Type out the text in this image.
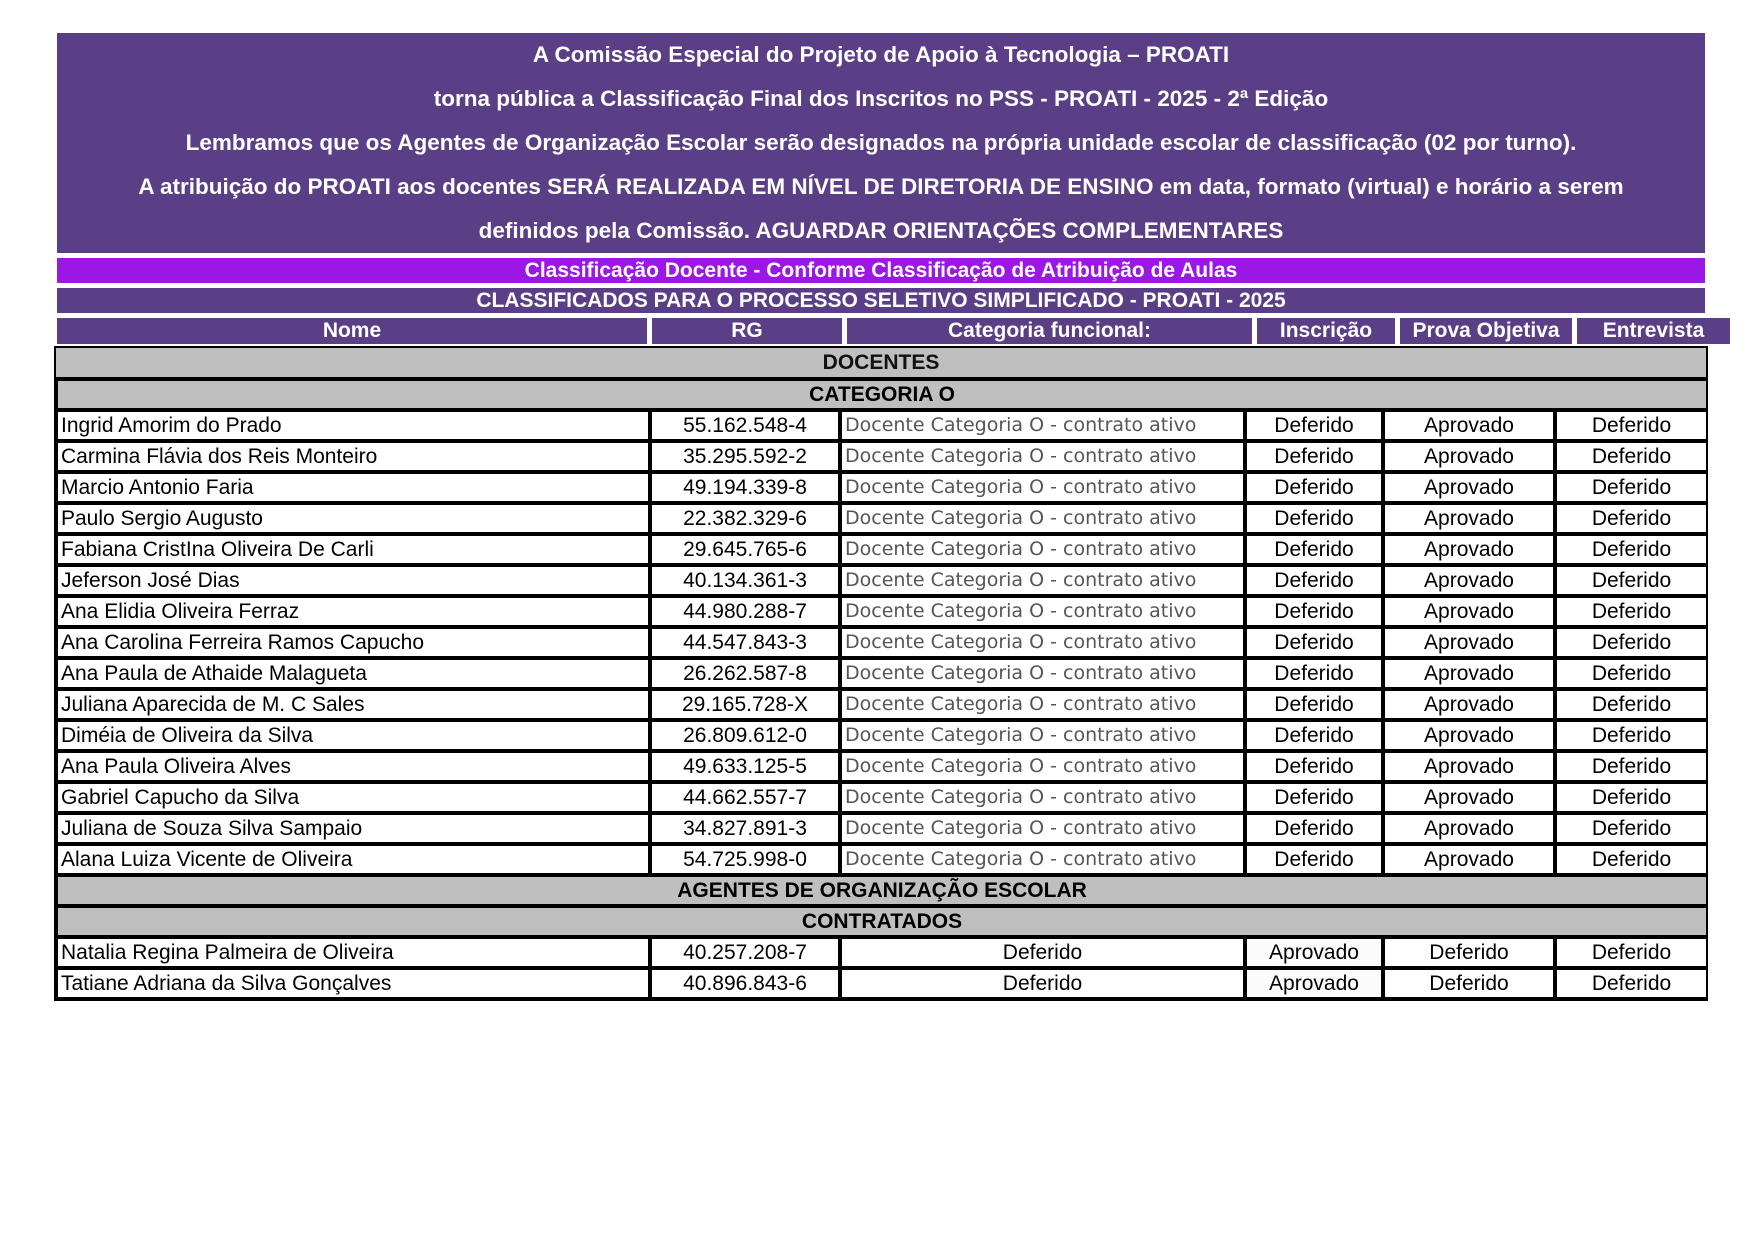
A Comissão Especial do Projeto de Apoio à Tecnologia – PROATI
torna pública a Classificação Final dos Inscritos no PSS - PROATI - 2025 - 2ª Edição
Lembramos que os Agentes de Organização Escolar serão designados na própria unidade escolar de classificação (02 por turno).
A atribuição do PROATI aos docentes SERÁ REALIZADA EM NÍVEL DE DIRETORIA DE ENSINO em data, formato (virtual) e horário a serem
definidos pela Comissão. AGUARDAR ORIENTAÇÕES COMPLEMENTARES
Classificação Docente - Conforme Classificação de Atribuição de Aulas
CLASSIFICADOS PARA O PROCESSO SELETIVO SIMPLIFICADO - PROATI - 2025
Nome	RG	Categoria funcional:	Inscrição	Prova Objetiva	Entrevista
DOCENTES
CATEGORIA O					
Ingrid Amorim do Prado	55.162.548-4	Docente Categoria O - contrato ativo	Deferido	Aprovado	Deferido
Carmina Flávia dos Reis Monteiro	35.295.592-2	Docente Categoria O - contrato ativo	Deferido	Aprovado	Deferido
Marcio Antonio Faria	49.194.339-8	Docente Categoria O - contrato ativo	Deferido	Aprovado	Deferido
Paulo Sergio Augusto	22.382.329-6	Docente Categoria O - contrato ativo	Deferido	Aprovado	Deferido
Fabiana CristIna Oliveira De Carli	29.645.765-6	Docente Categoria O - contrato ativo	Deferido	Aprovado	Deferido
Jeferson José Dias	40.134.361-3	Docente Categoria O - contrato ativo	Deferido	Aprovado	Deferido
Ana Elidia Oliveira Ferraz	44.980.288-7	Docente Categoria O - contrato ativo	Deferido	Aprovado	Deferido
Ana Carolina Ferreira Ramos Capucho	44.547.843-3	Docente Categoria O - contrato ativo	Deferido	Aprovado	Deferido
Ana Paula de Athaide Malagueta	26.262.587-8	Docente Categoria O - contrato ativo	Deferido	Aprovado	Deferido
Juliana Aparecida de M. C Sales	29.165.728-X	Docente Categoria O - contrato ativo	Deferido	Aprovado	Deferido
Diméia de Oliveira da Silva	26.809.612-0	Docente Categoria O - contrato ativo	Deferido	Aprovado	Deferido
Ana Paula Oliveira Alves	49.633.125-5	Docente Categoria O - contrato ativo	Deferido	Aprovado	Deferido
Gabriel Capucho da Silva	44.662.557-7	Docente Categoria O - contrato ativo	Deferido	Aprovado	Deferido
Juliana de Souza Silva Sampaio	34.827.891-3	Docente Categoria O - contrato ativo	Deferido	Aprovado	Deferido
Alana Luiza Vicente de Oliveira	54.725.998-0	Docente Categoria O - contrato ativo	Deferido	Aprovado	Deferido
AGENTES DE ORGANIZAÇÃO ESCOLAR					
CONTRATADOS					
Natalia Regina Palmeira de Oliveira	40.257.208-7	Deferido	Aprovado	Deferido	Deferido
Tatiane Adriana da Silva Gonçalves	40.896.843-6	Deferido	Aprovado	Deferido	Deferido
